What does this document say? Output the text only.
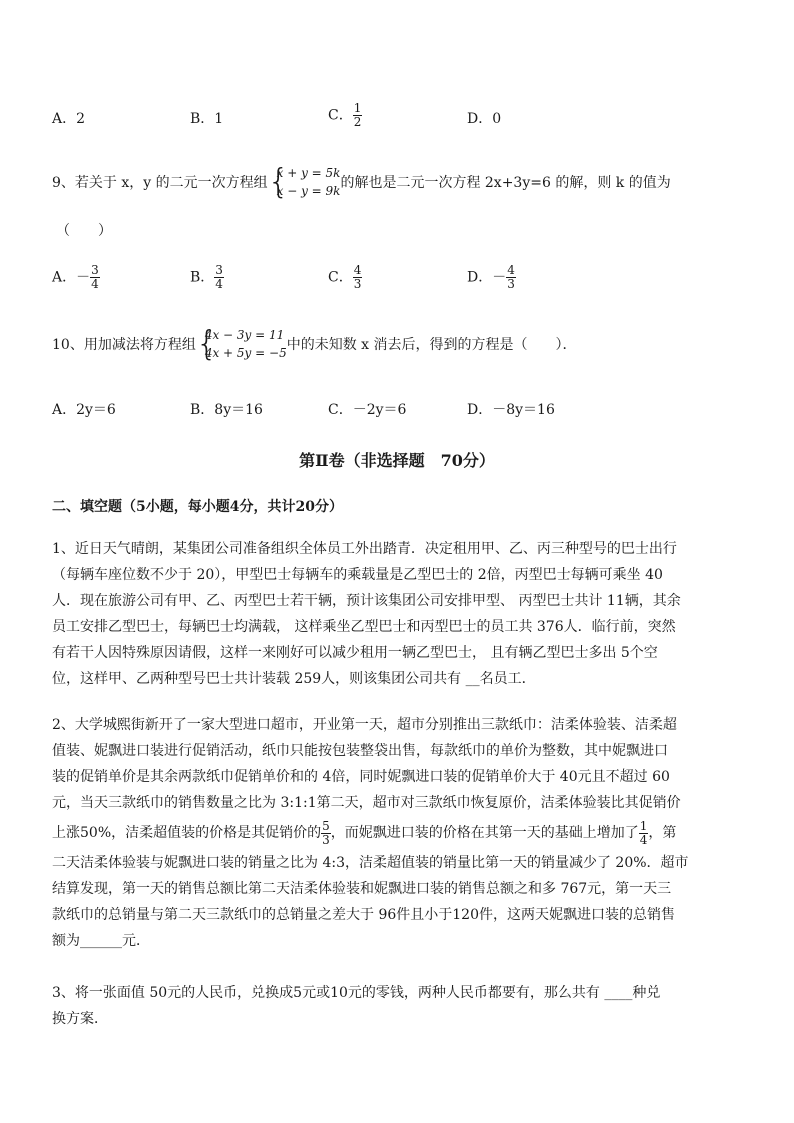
A．2	B．1	C． $\frac{1}{2}$	D．0
9、若关于 x，y 的二元一次方程组 {
x + y = 5k
x − y = 9k 的解也是二元一次方程 2x+3y=6 的解，则 k 的值为
（　　）
A．－ $\frac{3}{4}$	B． $\frac{3}{4}$	C． $\frac{4}{3}$	D．－ $\frac{4}{3}$
10、用加减法将方程组 {
4x − 3y = 11
4x + 5y = −5 中的未知数 x 消去后，得到的方程是（　　）．
A．2y＝6	B．8y＝16	C．－2y＝6	D．－8y＝16
第Ⅱ卷（非选择题　70分）
二、填空题（5小题，每小题4分，共计20分）
1、近日天气晴朗，某集团公司准备组织全体员工外出踏青．决定租用甲、乙、丙三种型号的巴士出行
（每辆车座位数不少于 20），甲型巴士每辆车的乘载量是乙型巴士的 2倍，丙型巴士每辆可乘坐 40
人．现在旅游公司有甲、乙、丙型巴士若干辆，预计该集团公司安排甲型、 丙型巴士共计 11辆，其余
员工安排乙型巴士，每辆巴士均满载， 这样乘坐乙型巴士和丙型巴士的员工共 376人．临行前，突然
有若干人因特殊原因请假，这样一来刚好可以减少租用一辆乙型巴士， 且有辆乙型巴士多出 5个空
位，这样甲、乙两种型号巴士共计装载 259人，则该集团公司共有 __名员工．
2、大学城熙街新开了一家大型进口超市，开业第一天，超市分别推出三款纸巾：洁柔体验装、洁柔超
值装、妮飘进口装进行促销活动，纸巾只能按包装整袋出售，每款纸巾的单价为整数，其中妮飘进口
装的促销单价是其余两款纸巾促销单价和的 4倍，同时妮飘进口装的促销单价大于 40元且不超过 60
元，当天三款纸巾的销售数量之比为 3:1:1第二天，超市对三款纸巾恢复原价，洁柔体验装比其促销价
上涨50%，洁柔超值装的价格是其促销价的 $\frac{5}{3}$ ，而妮飘进口装的价格在其第一天的基础上增加了 $\frac{1}{4}$ ，第
二天洁柔体验装与妮飘进口装的销量之比为 4:3，洁柔超值装的销量比第一天的销量减少了 20%．超市
结算发现，第一天的销售总额比第二天洁柔体验装和妮飘进口装的销售总额之和多 767元，第一天三
款纸巾的总销量与第二天三款纸巾的总销量之差大于 96件且小于120件，这两天妮飘进口装的总销售
额为______元．
3、将一张面值 50元的人民币，兑换成5元或10元的零钱，两种人民币都要有，那么共有 ____种兑
换方案．
